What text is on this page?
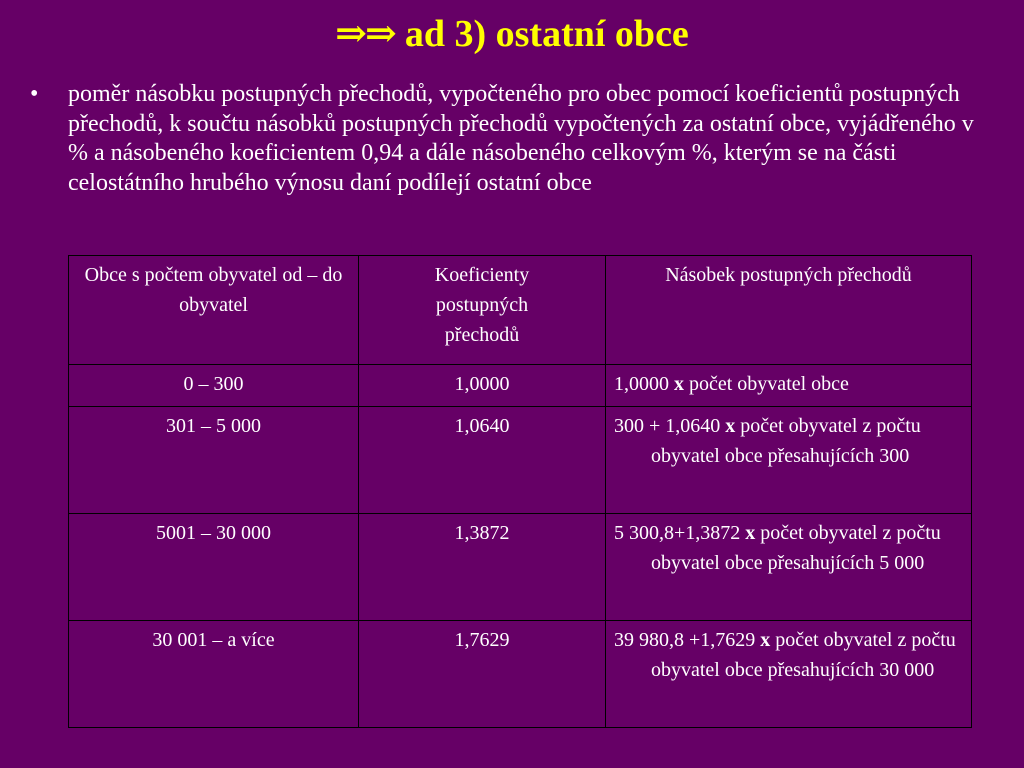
⇒⇒ ad 3) ostatní obce
• poměr násobku postupných přechodů, vypočteného pro obec pomocí koeficientů postupných přechodů, k součtu násobků postupných přechodů vypočtených za ostatní obce, vyjádřeného v % a násobeného koeficientem 0,94 a dále násobeného celkovým %, kterým se na části celostátního hrubého výnosu daní podílejí ostatní obce
Obce s počtem obyvatel od – do obyvatel	Koeficienty postupných přechodů	Násobek postupných přechodů
0 – 300	1,0000	1,0000 x počet obyvatel obce

301 – 5 000	1,0640	300 + 1,0640 x počet obyvatel z počtu obyvatel obce přesahujících 300

5001 – 30 000	1,3872	5 300,8+1,3872 x počet obyvatel z počtu obyvatel obce přesahujících 5 000

30 001 – a více	1,7629	39 980,8 +1,7629 x počet obyvatel z počtu obyvatel obce přesahujících 30 000
